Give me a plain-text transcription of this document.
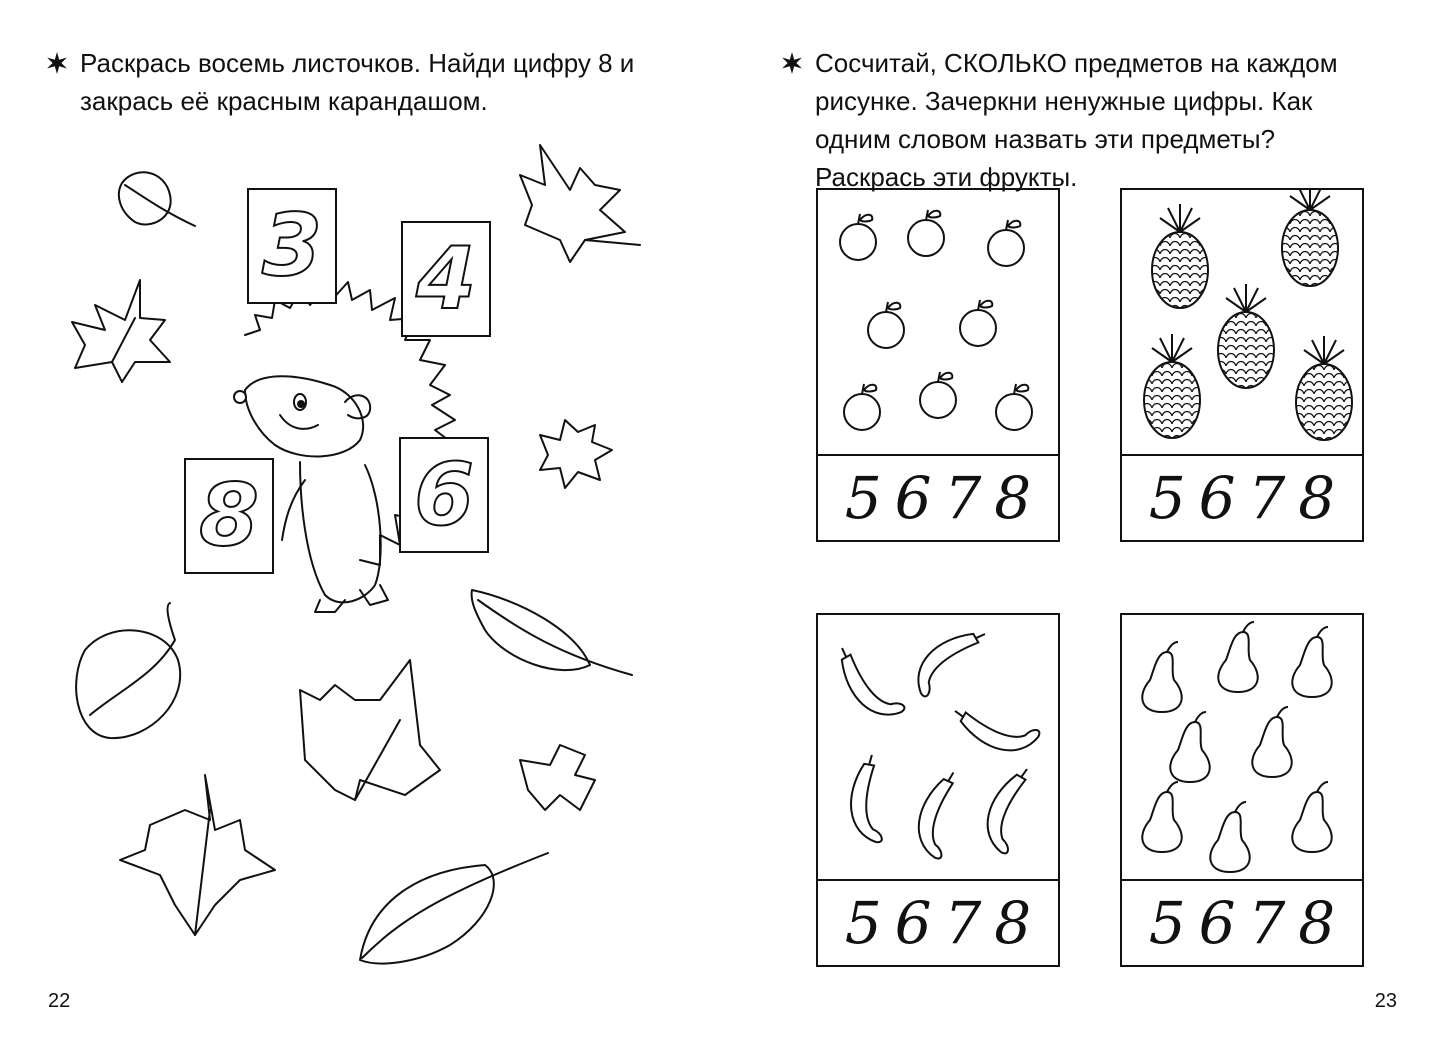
Раскрась восемь листочков. Найди цифру 8 и закрась её красным карандашом.
3 4
8 6
22
Сосчитай, СКОЛЬКО предметов на каждом рисунке. Зачеркни ненужные цифры. Как одним словом назвать эти предметы? Раскрась эти фрукты.
5 6 7 8 5 6 7 8
5 6 7 8 5 6 7 8
23
